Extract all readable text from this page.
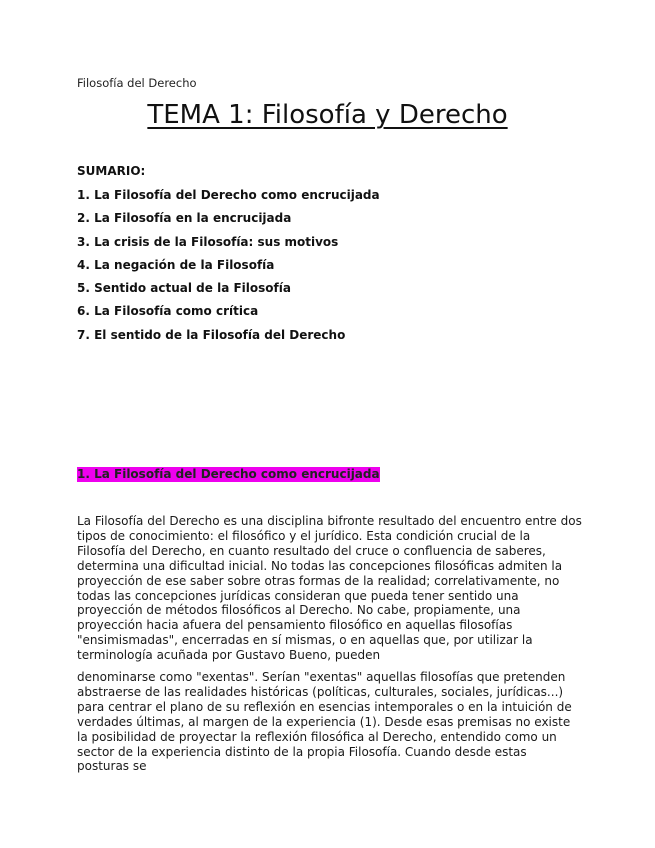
Filosofía del Derecho
TEMA 1: Filosofía y Derecho
SUMARIO:
1. La Filosofía del Derecho como encrucijada
2. La Filosofía en la encrucijada
3. La crisis de la Filosofía: sus motivos
4. La negación de la Filosofía
5. Sentido actual de la Filosofía
6. La Filosofía como crítica
7. El sentido de la Filosofía del Derecho
1. La Filosofía del Derecho como encrucijada

La Filosofía del Derecho es una disciplina bifronte resultado del encuentro entre dos tipos de conocimiento: el filosófico y el jurídico. Esta condición crucial de la Filosofía del Derecho, en cuanto resultado del cruce o confluencia de saberes, determina una dificultad inicial. No todas las concepciones filosóficas admiten la proyección de ese saber sobre otras formas de la realidad; correlativamente, no todas las concepciones jurídicas consideran que pueda tener sentido una proyección de métodos filosóficos al Derecho. No cabe, propiamente, una proyección hacia afuera del pensamiento filosófico en aquellas filosofías "ensimismadas", encerradas en sí mismas, o en aquellas que, por utilizar la terminología acuñada por Gustavo Bueno, pueden

denominarse como "exentas". Serían "exentas" aquellas filosofías que pretenden abstraerse de las realidades históricas (políticas, culturales, sociales, jurídicas...) para centrar el plano de su reflexión en esencias intemporales o en la intuición de verdades últimas, al margen de la experiencia (1). Desde esas premisas no existe la posibilidad de proyectar la reflexión filosófica al Derecho, entendido como un sector de la experiencia distinto de la propia Filosofía. Cuando desde estas posturas se
